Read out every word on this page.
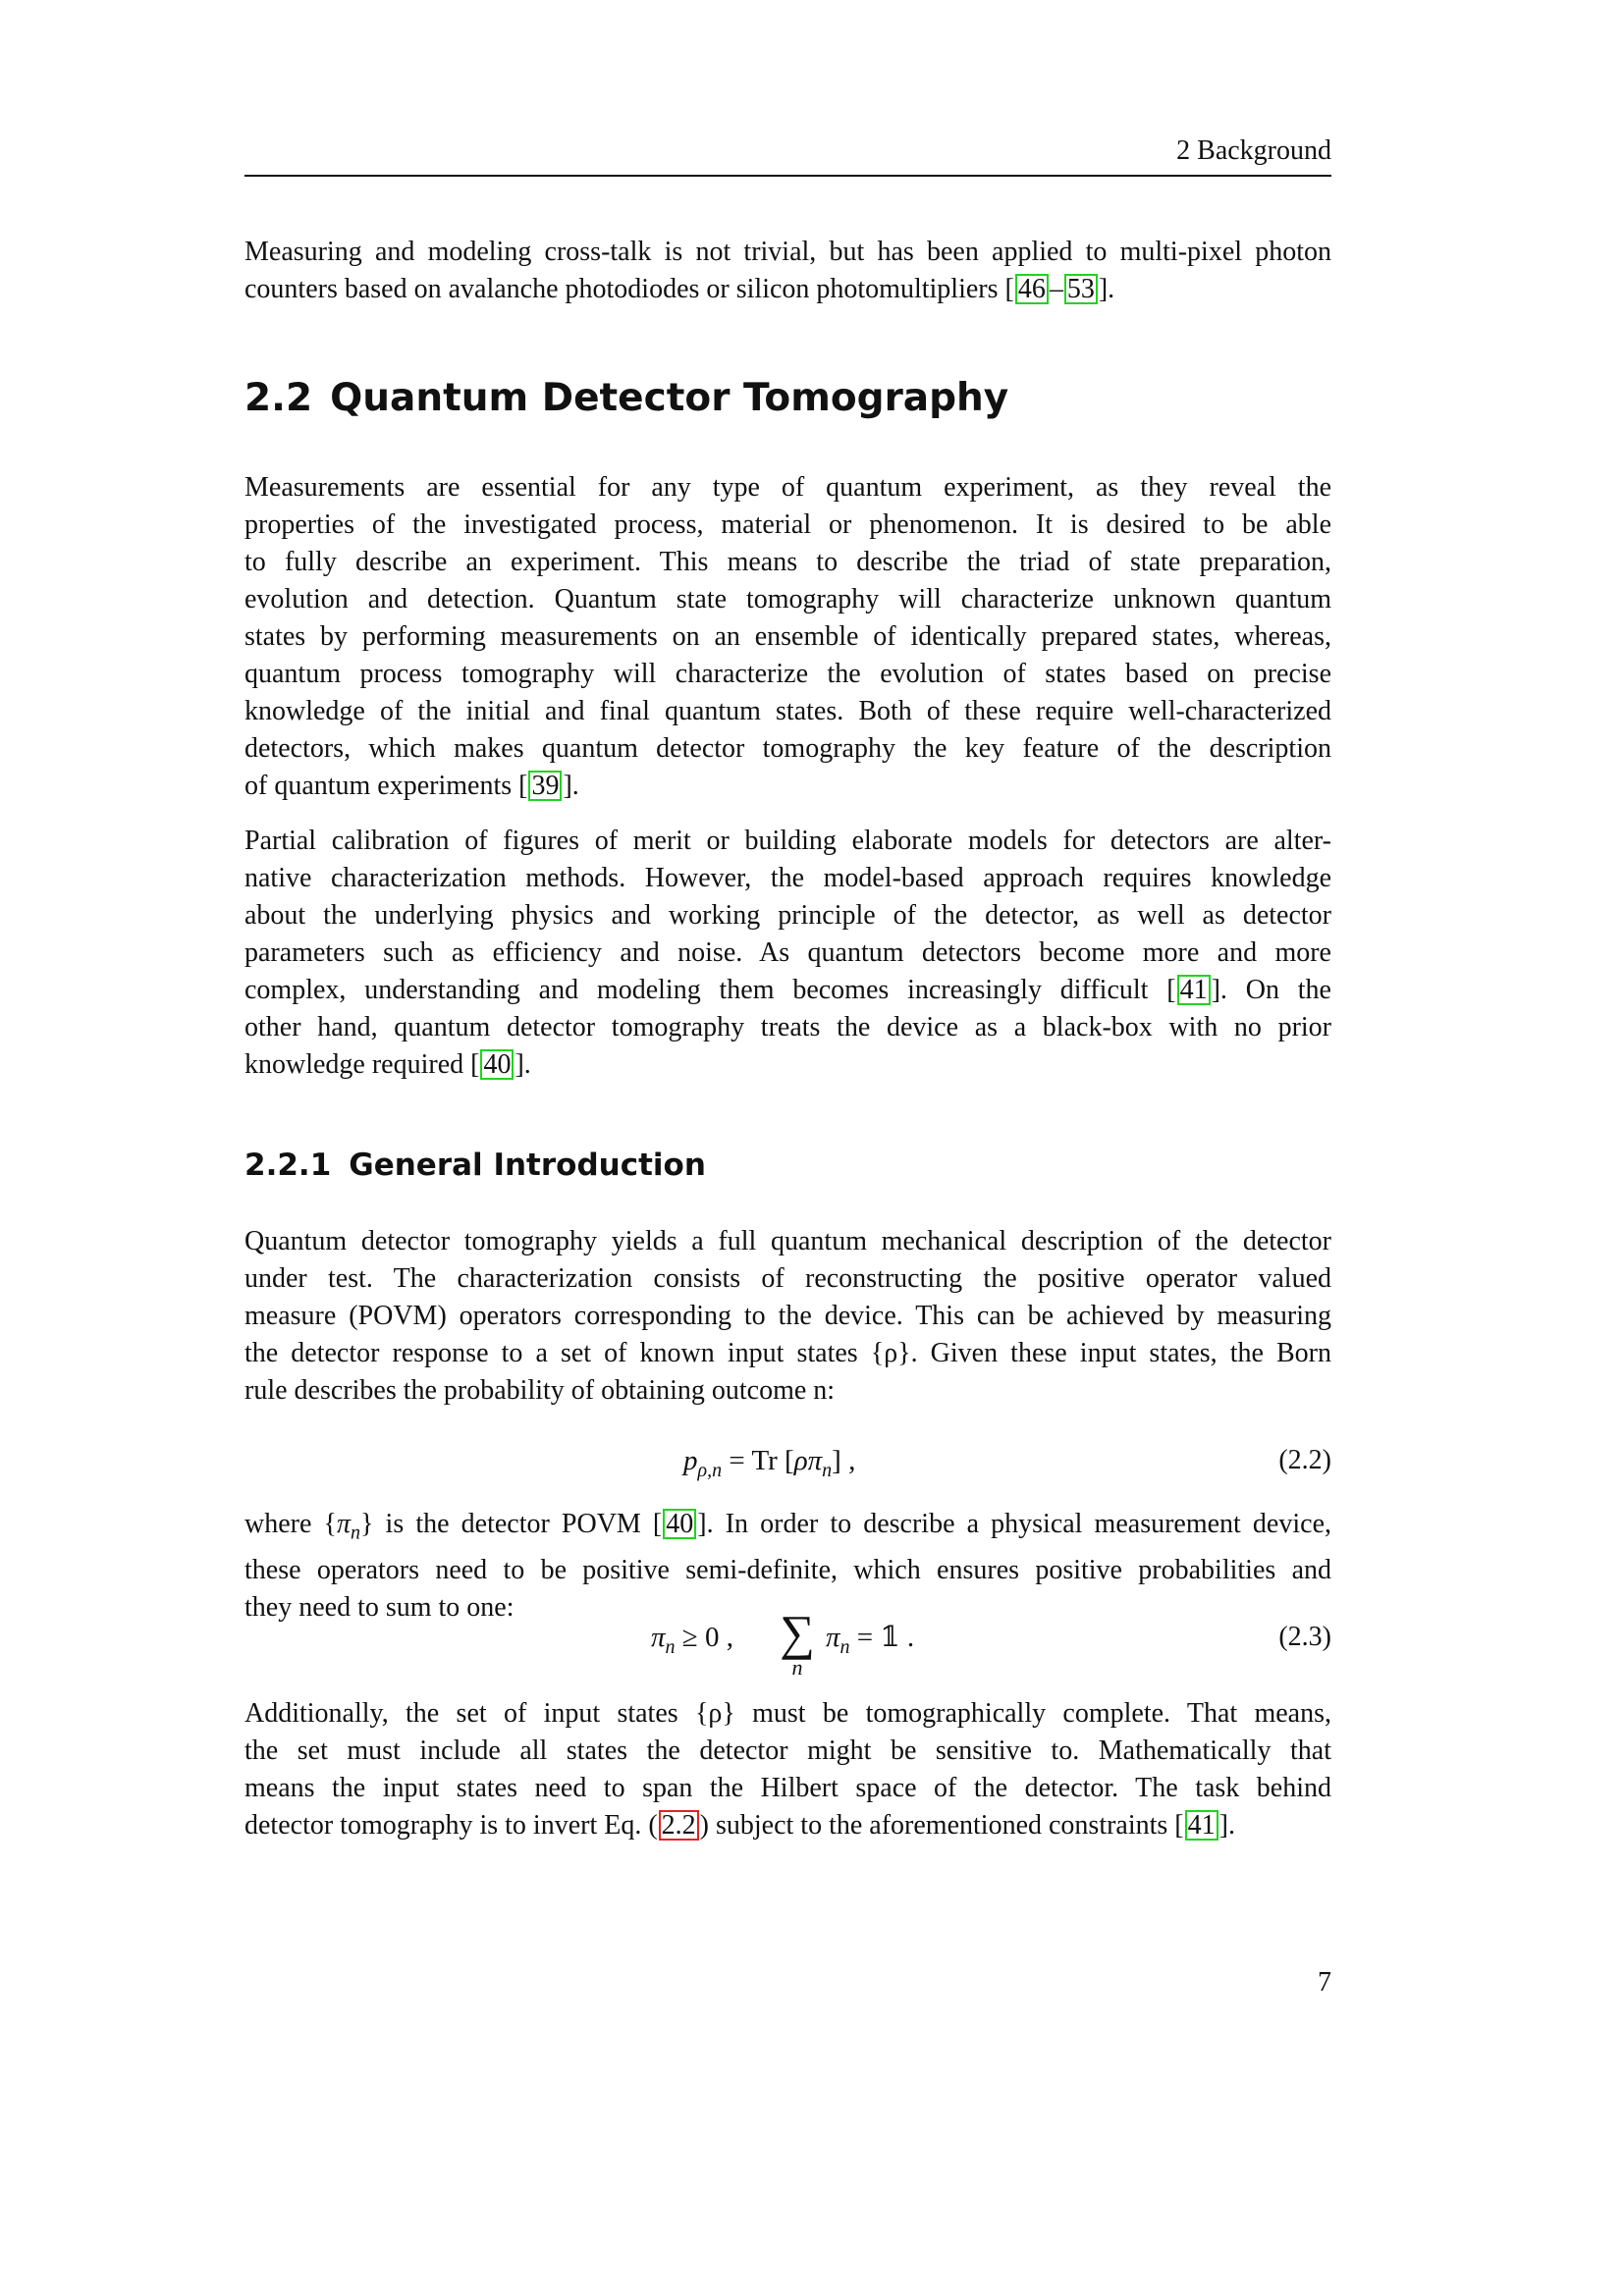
2 Background

Measuring and modeling cross-talk is not trivial, but has been applied to multi-pixel photon
counters based on avalanche photodiodes or silicon photomultipliers [ 46 – 53 ].

2.2 Quantum Detector Tomography

Measurements are essential for any type of quantum experiment, as they reveal the
properties of the investigated process, material or phenomenon. It is desired to be able
to fully describe an experiment. This means to describe the triad of state preparation,
evolution and detection. Quantum state tomography will characterize unknown quantum
states by performing measurements on an ensemble of identically prepared states, whereas,
quantum process tomography will characterize the evolution of states based on precise
knowledge of the initial and final quantum states. Both of these require well-characterized
detectors, which makes quantum detector tomography the key feature of the description
of quantum experiments [ 39 ].

Partial calibration of figures of merit or building elaborate models for detectors are alter-
native characterization methods. However, the model-based approach requires knowledge
about the underlying physics and working principle of the detector, as well as detector
parameters such as efficiency and noise. As quantum detectors become more and more
complex, understanding and modeling them becomes increasingly difficult [ 41 ]. On the
other hand, quantum detector tomography treats the device as a black-box with no prior
knowledge required [ 40 ].

2.2.1 General Introduction

Quantum detector tomography yields a full quantum mechanical description of the detector
under test. The characterization consists of reconstructing the positive operator valued
measure (POVM) operators corresponding to the device. This can be achieved by measuring
the detector response to a set of known input states {ρ}. Given these input states, the Born
rule describes the probability of obtaining outcome n:

$p_{\rho,n} = Tr$ $[\rho\pi_n]$ ,	(2.2)

where $\{\pi_n\}$ is the detector POVM [ 40 ]. In order to describe a physical measurement device,
these operators need to be positive semi-definite, which ensures positive probabilities and
they need to sum to one:

$\pi_n \ge 0$ , ∑
n
$\pi_n$ = 𝟙 .	(2.3)

Additionally, the set of input states {ρ} must be tomographically complete. That means,
the set must include all states the detector might be sensitive to. Mathematically that
means the input states need to span the Hilbert space of the detector. The task behind
detector tomography is to invert Eq. ( 2.2 ) subject to the aforementioned constraints [ 41 ].

7
